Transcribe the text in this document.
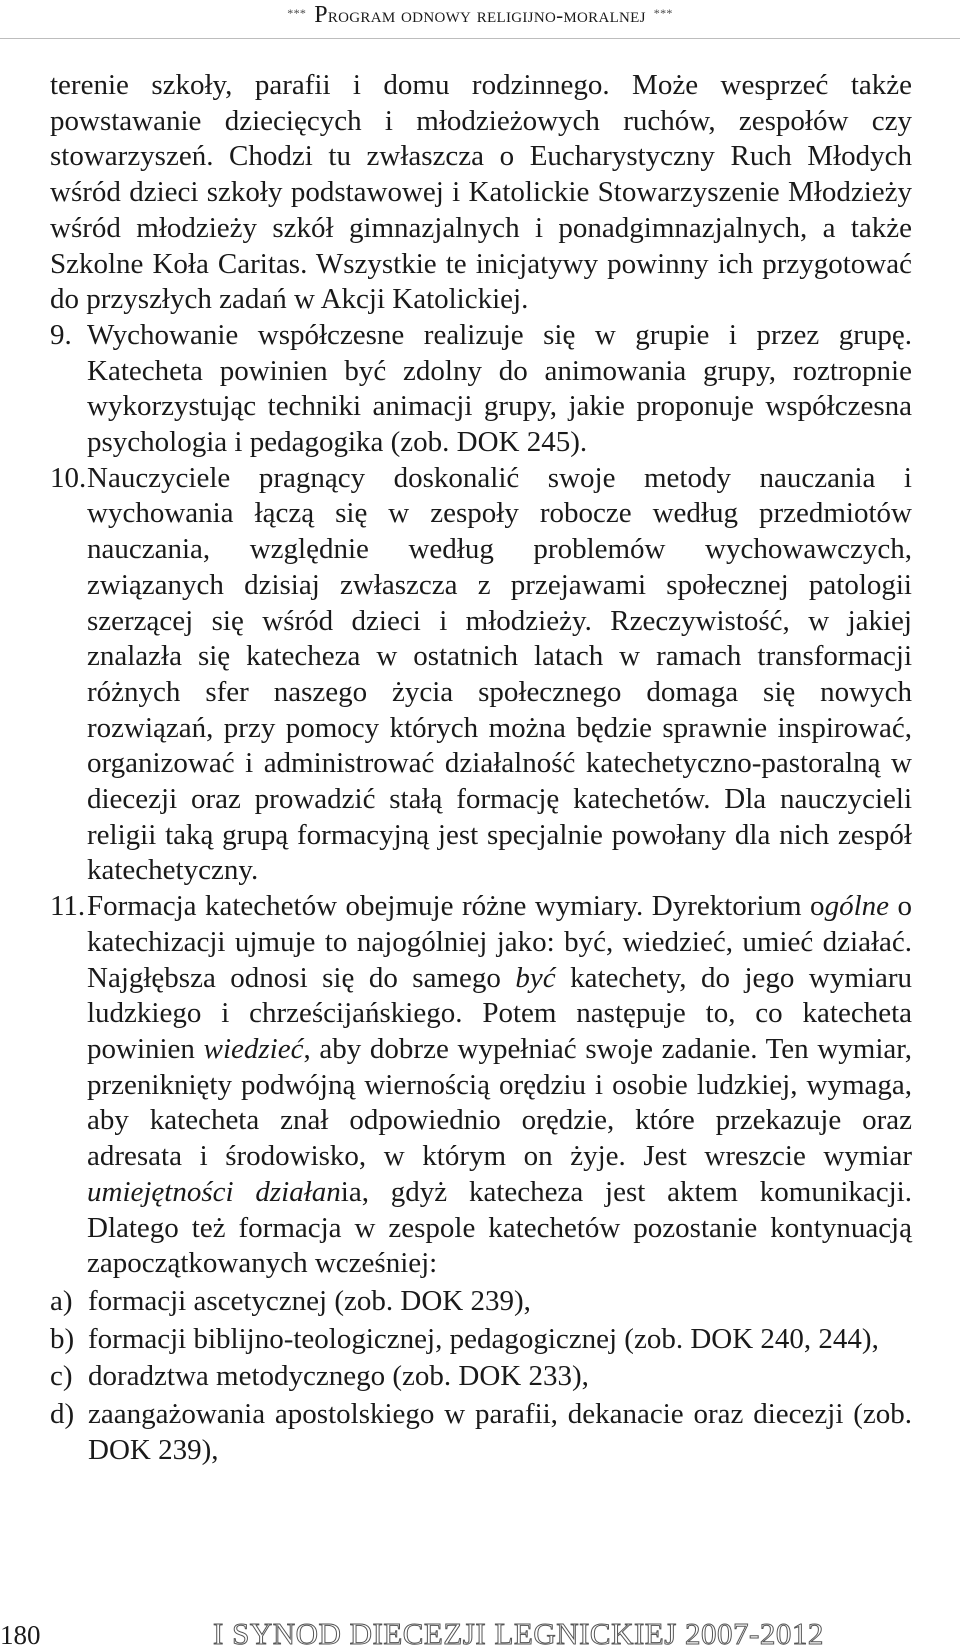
*** Program odnowy religijno-moralnej ***

terenie szkoły, parafii i domu rodzinnego. Może wesprzeć także powstawanie dziecięcych i młodzieżowych ruchów, zespołów czy stowarzyszeń. Chodzi tu zwłaszcza o Eucharystyczny Ruch Młodych wśród dzieci szkoły podstawowej i Katolickie Stowarzyszenie Młodzieży wśród młodzieży szkół gimnazjalnych i ponadgimnazjalnych, a także Szkolne Koła Caritas. Wszystkie te inicjatywy powinny ich przygotować do przyszłych zadań w Akcji Katolickiej.

9. Wychowanie współczesne realizuje się w grupie i przez grupę. Katecheta powinien być zdolny do animowania grupy, roztropnie wykorzystując techniki animacji grupy, jakie proponuje współczesna psychologia i pedagogika (zob. DOK 245).
10. Nauczyciele pragnący doskonalić swoje metody nauczania i wychowania łączą się w zespoły robocze według przedmiotów nauczania, względnie według problemów wychowawczych, związanych dzisiaj zwłaszcza z przejawami społecznej patologii szerzącej się wśród dzieci i młodzieży. Rzeczywistość, w jakiej znalazła się katecheza w ostatnich latach w ramach transformacji różnych sfer naszego życia społecznego domaga się nowych rozwiązań, przy pomocy których można będzie sprawnie inspirować, organizować i administrować działalność katechetyczno-pastoralną w diecezji oraz prowadzić stałą formację katechetów. Dla nauczycieli religii taką grupą formacyjną jest specjalnie powołany dla nich zespół katechetyczny.
11. Formacja katechetów obejmuje różne wymiary. Dyrektorium ogólne o katechizacji ujmuje to najogólniej jako: być, wiedzieć, umieć działać. Najgłębsza odnosi się do samego być katechety, do jego wymiaru ludzkiego i chrześcijańskiego. Potem następuje to, co katecheta powinien wiedzieć, aby dobrze wypełniać swoje zadanie. Ten wymiar, przeniknięty podwójną wiernością orędziu i osobie ludzkiej, wymaga, aby katecheta znał odpowiednio orędzie, które przekazuje oraz adresata i środowisko, w którym on żyje. Jest wreszcie wymiar umiejętności działania, gdyż katecheza jest aktem komunikacji. Dlatego też formacja w zespole katechetów pozostanie kontynuacją zapoczątkowanych wcześniej:
a) formacji ascetycznej (zob. DOK 239),
b) formacji biblijno-teologicznej, pedagogicznej (zob. DOK 240, 244),
c) doradztwa metodycznego (zob. DOK 233),
d) zaangażowania apostolskiego w parafii, dekanacie oraz diecezji (zob. DOK 239),
180	I SYNOD DIECEZJI LEGNICKIEJ 2007-2012
